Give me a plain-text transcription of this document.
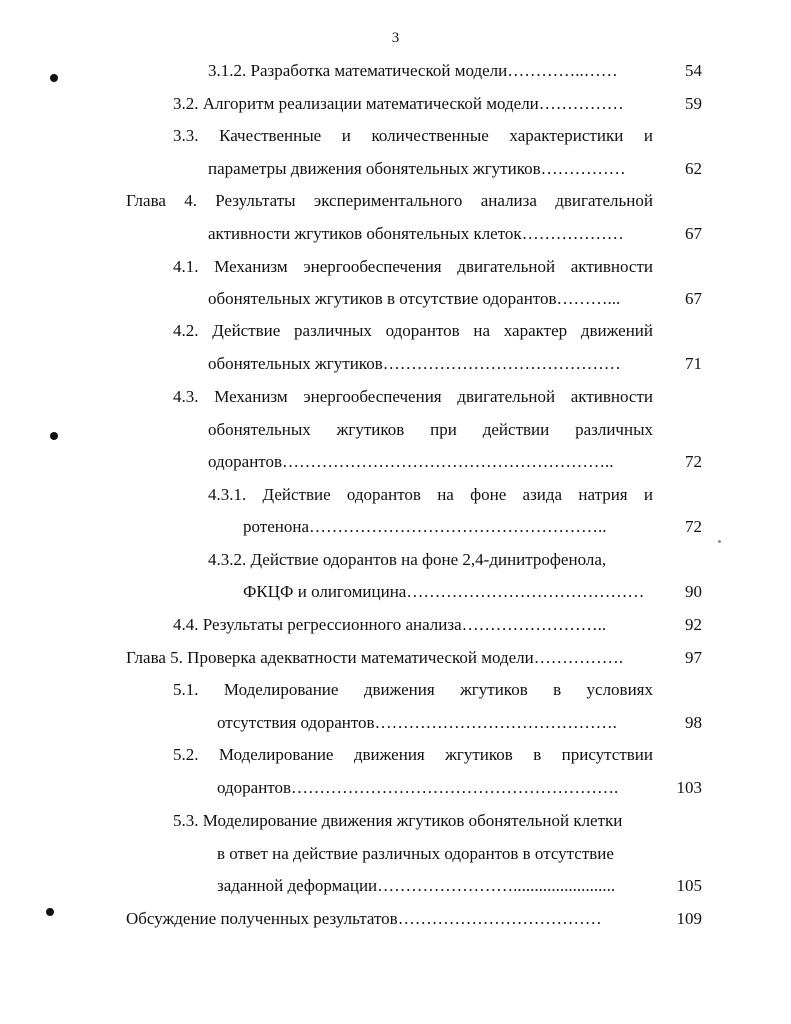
3
3.1.2. Разработка математической модели…………..……	54
3.2. Алгоритм реализации математической модели……………	59
3.3. Качественные и количественные характеристики и
параметры движения обонятельных жгутиков……………	62
Глава 4. Результаты экспериментального анализа двигательной
активности жгутиков обонятельных клеток………………	67
4.1. Механизм энергообеспечения двигательной активности
обонятельных жгутиков в отсутствие одорантов………...	67
4.2. Действие различных одорантов на характер движений
обонятельных жгутиков……………………………………	71
4.3. Механизм энергообеспечения двигательной активности
обонятельных жгутиков при действии различных
одорантов…………………………………………………..	72
4.3.1. Действие одорантов на фоне азида натрия и
ротенона……………………………………………..	72
4.3.2. Действие одорантов на фоне 2,4-динитрофенола,
ФКЦФ и олигомицина……………………………………	90
4.4. Результаты регрессионного анализа……………………..	92
Глава 5. Проверка адекватности математической модели…………….	97
5.1. Моделирование движения жгутиков в условиях
отсутствия одорантов…………………………………….	98
5.2. Моделирование движения жгутиков в присутствии
одорантов………………………………………………….	103
5.3. Моделирование движения жгутиков обонятельной клетки
в ответ на действие различных одорантов в отсутствие
заданной деформации……………………........................	105
Обсуждение полученных результатов………………………………	109
